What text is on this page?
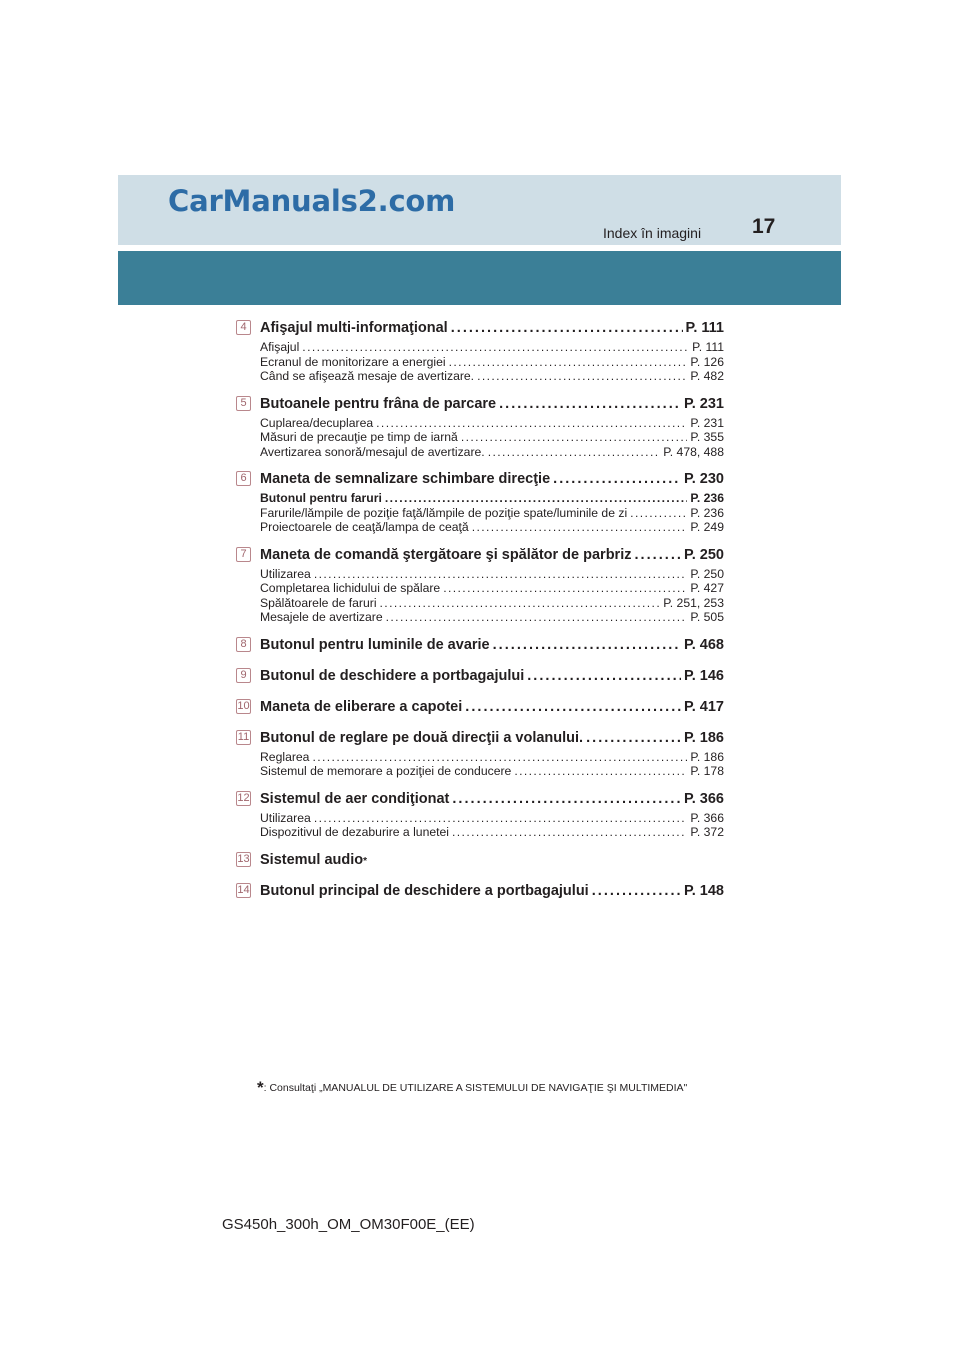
CarManuals2.com
Index în imagini 17
4 Afişajul multi-informaţional . . .	P. 111
Afişajul . . .	P. 111
Ecranul de monitorizare a energiei . . .	P. 126
Când se afişează mesaje de avertizare. . . .	P. 482
5 Butoanele pentru frâna de parcare . . .	P. 231
Cuplarea/decuplarea . . .	P. 231
Măsuri de precauţie pe timp de iarnă . . .	P. 355
Avertizarea sonoră/mesajul de avertizare. . . .	P. 478, 488
6 Maneta de semnalizare schimbare direcţie . . .	P. 230
Butonul pentru faruri . . .	P. 236
Farurile/lămpile de poziţie faţă/lămpile de poziţie spate/luminile de zi . . .	P. 236
Proiectoarele de ceaţă/lampa de ceaţă . . .	P. 249
7 Maneta de comandă ştergătoare şi spălător de parbriz . . .	P. 250
Utilizarea . . .	P. 250
Completarea lichidului de spălare . . .	P. 427
Spălătoarele de faruri . . .	P. 251, 253
Mesajele de avertizare . . .	P. 505
8 Butonul pentru luminile de avarie . . .	P. 468
9 Butonul de deschidere a portbagajului . . .	P. 146
10 Maneta de eliberare a capotei . . .	P. 417
11 Butonul de reglare pe două direcţii a volanului. . . .	P. 186
Reglarea . . .	P. 186
Sistemul de memorare a poziţiei de conducere . . .	P. 178
12 Sistemul de aer condiţionat . . .	P. 366
Utilizarea . . .	P. 366
Dispozitivul de dezaburire a lunetei . . .	P. 372
13 Sistemul audio *
14 Butonul principal de deschidere a portbagajului . . .	P. 148
*: Consultaţi „MANUALUL DE UTILIZARE A SISTEMULUI DE NAVIGAŢIE ŞI MULTIMEDIA"
GS450h_300h_OM_OM30F00E_(EE)
